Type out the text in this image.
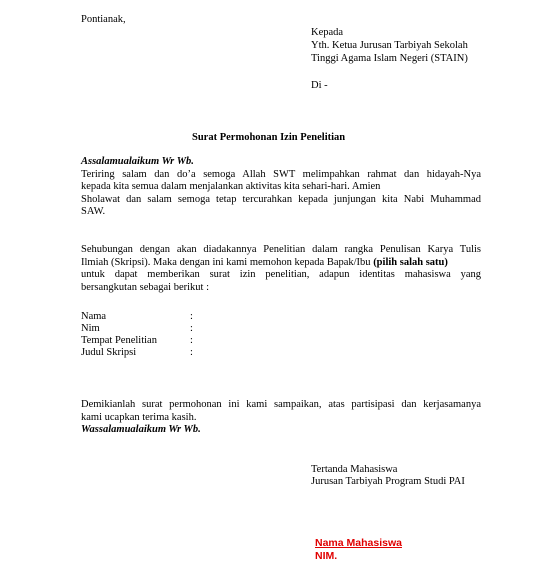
Pontianak,
Kepada
Yth. Ketua Jurusan Tarbiyah Sekolah
Tinggi Agama Islam Negeri (STAIN)
Di -
Surat Permohonan Izin Penelitian
Assalamualaikum Wr Wb.
Teriring salam dan do’a semoga Allah SWT melimpahkan rahmat dan hidayah-Nya
kepada kita semua dalam menjalankan aktivitas kita sehari-hari. Amien
Sholawat dan salam semoga tetap tercurahkan kepada junjungan kita Nabi Muhammad
SAW.
Sehubungan dengan akan diadakannya Penelitian dalam rangka Penulisan Karya Tulis
Ilmiah (Skripsi). Maka dengan ini kami memohon kepada Bapak/Ibu (pilih salah satu)
untuk dapat memberikan surat izin penelitian, adapun identitas mahasiswa yang
bersangkutan sebagai berikut :
Nama	:
Nim	:
Tempat Penelitian	:
Judul Skripsi	:
Demikianlah surat permohonan ini kami sampaikan, atas partisipasi dan kerjasamanya
kami ucapkan terima kasih.
Wassalamualaikum Wr Wb.
Tertanda Mahasiswa
Jurusan Tarbiyah Program Studi PAI
Nama Mahasiswa
NIM.
